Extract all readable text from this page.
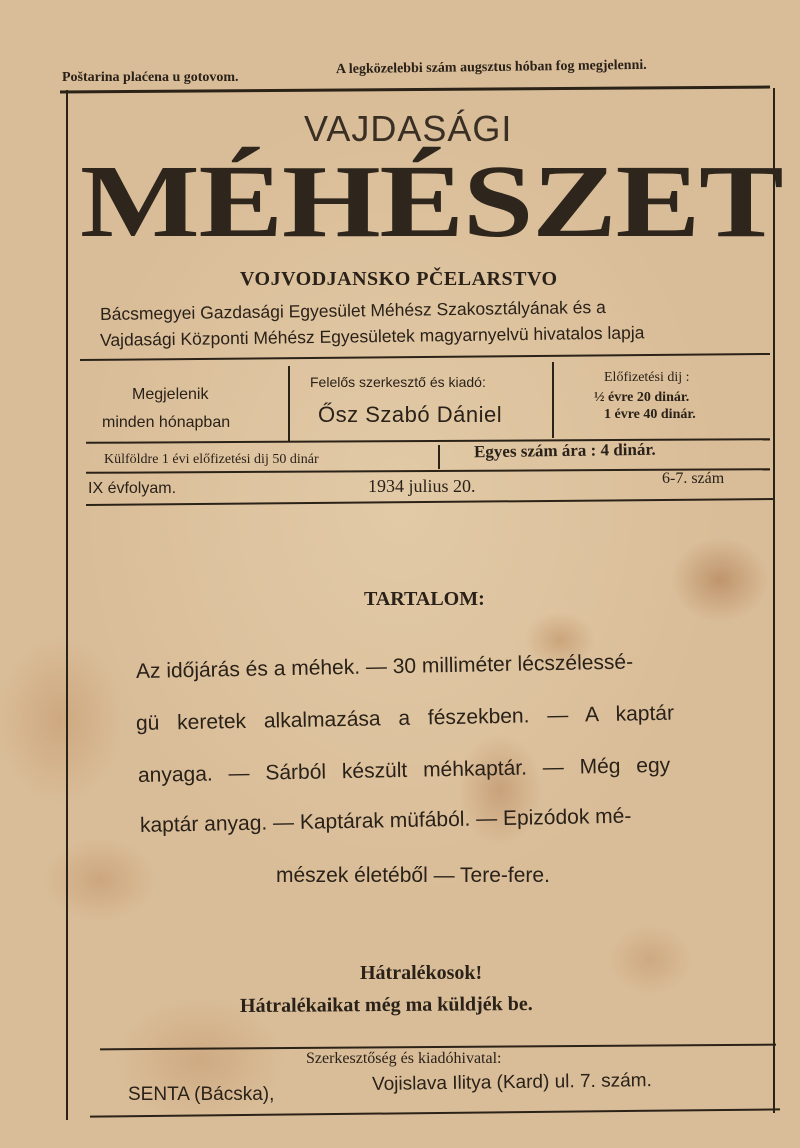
Poštarina plaćena u gotovom.
A legközelebbi szám augsztus hóban fog megjelenni.
VAJDASÁGI
MÉHÉSZET
VOJVODJANSKO PČELARSTVO
Bácsmegyei Gazdasági Egyesület Méhész Szakosztályának és a
Vajdasági Központi Méhész Egyesületek magyarnyelvü hivatalos lapja
Megjelenik
minden hónapban
Felelős szerkesztő és kiadó:
Ősz Szabó Dániel
Előfizetési dij :
½ évre 20 dinár.
1 évre 40 dinár.
Külföldre 1 évi előfizetési dij 50 dinár	Egyes szám ára : 4 dinár.
IX évfolyam.	1934 julius 20.	6-7. szám
TARTALOM:
Az időjárás és a méhek. — 30 milliméter lécszélessé-
gü keretek alkalmazása a fészekben. — A kaptár
anyaga. — Sárból készült méhkaptár. — Még egy
kaptár anyag. — Kaptárak müfából. — Epizódok mé-
mészek életéből — Tere-fere.
Hátralékosok!
Hátralékaikat még ma küldjék be.
Szerkesztőség és kiadóhivatal:
SENTA (Bácska),	Vojislava Ilitya (Kard) ul. 7. szám.
